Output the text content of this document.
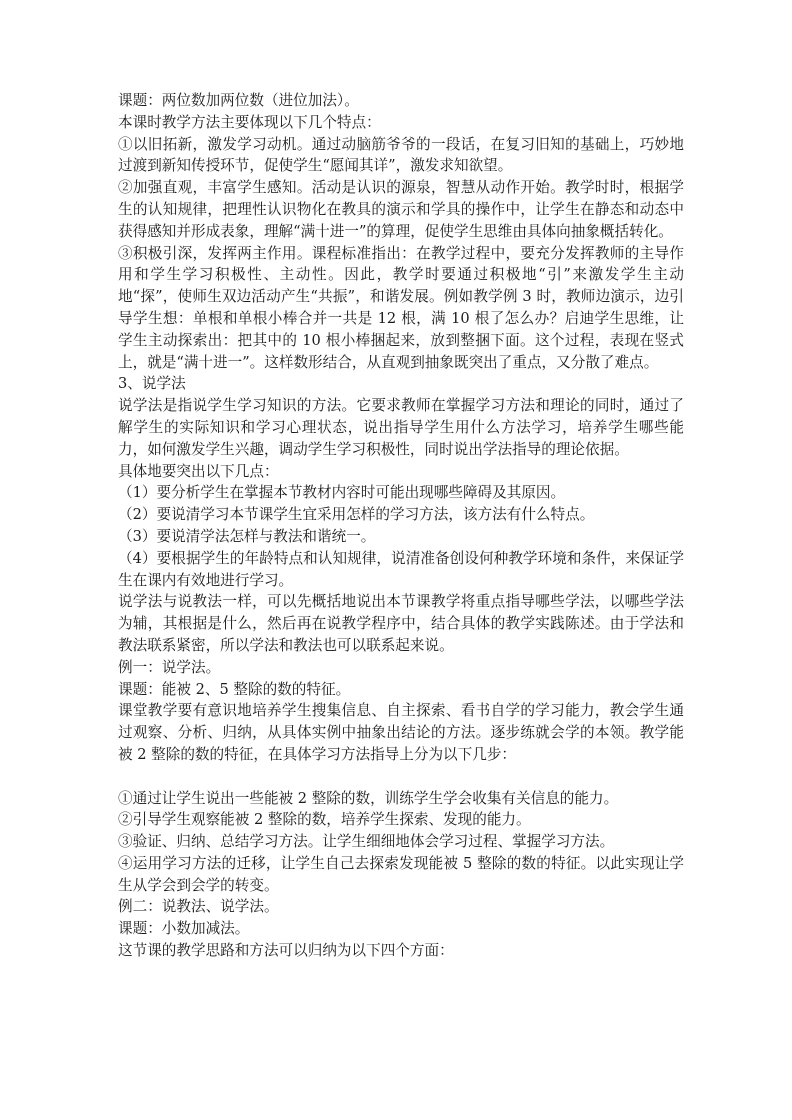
课题：两位数加两位数（进位加法）。

本课时教学方法主要体现以下几个特点：

①以旧拓新，激发学习动机。通过动脑筋爷爷的一段话，在复习旧知的基础上，巧妙地过渡到新知传授环节，促使学生“愿闻其详”，激发求知欲望。

②加强直观，丰富学生感知。活动是认识的源泉，智慧从动作开始。教学时时，根据学生的认知规律，把理性认识物化在教具的演示和学具的操作中，让学生在静态和动态中获得感知并形成表象，理解“满十进一”的算理，促使学生思维由具体向抽象概括转化。

③积极引深，发挥两主作用。课程标准指出：在教学过程中，要充分发挥教师的主导作用和学生学习积极性、主动性。因此，教学时要通过积极地“引”来激发学生主动地“探”，使师生双边活动产生“共振”，和谐发展。例如教学例 3 时，教师边演示，边引导学生想：单根和单根小棒合并一共是 12 根，满 10 根了怎么办？启迪学生思维，让学生主动探索出：把其中的 10 根小棒捆起来，放到整捆下面。这个过程，表现在竖式上，就是“满十进一”。这样数形结合，从直观到抽象既突出了重点，又分散了难点。

3、说学法

说学法是指说学生学习知识的方法。它要求教师在掌握学习方法和理论的同时，通过了解学生的实际知识和学习心理状态，说出指导学生用什么方法学习，培养学生哪些能力，如何激发学生兴趣，调动学生学习积极性，同时说出学法指导的理论依据。

具体地要突出以下几点：

（1）要分析学生在掌握本节教材内容时可能出现哪些障碍及其原因。

（2）要说清学习本节课学生宜采用怎样的学习方法，该方法有什么特点。

（3）要说清学法怎样与教法和谐统一。

（4）要根据学生的年龄特点和认知规律，说清准备创设何种教学环境和条件，来保证学生在课内有效地进行学习。

说学法与说教法一样，可以先概括地说出本节课教学将重点指导哪些学法，以哪些学法为辅，其根据是什么，然后再在说教学程序中，结合具体的教学实践陈述。由于学法和教法联系紧密，所以学法和教法也可以联系起来说。

例一：说学法。

课题：能被 2、5 整除的数的特征。

课堂教学要有意识地培养学生搜集信息、自主探索、看书自学的学习能力，教会学生通过观察、分析、归纳，从具体实例中抽象出结论的方法。逐步练就会学的本领。教学能被 2 整除的数的特征，在具体学习方法指导上分为以下几步：

①通过让学生说出一些能被 2 整除的数，训练学生学会收集有关信息的能力。

②引导学生观察能被 2 整除的数，培养学生探索、发现的能力。

③验证、归纳、总结学习方法。让学生细细地体会学习过程、掌握学习方法。

④运用学习方法的迁移，让学生自己去探索发现能被 5 整除的数的特征。以此实现让学生从学会到会学的转变。

例二：说教法、说学法。

课题：小数加减法。

这节课的教学思路和方法可以归纳为以下四个方面：
